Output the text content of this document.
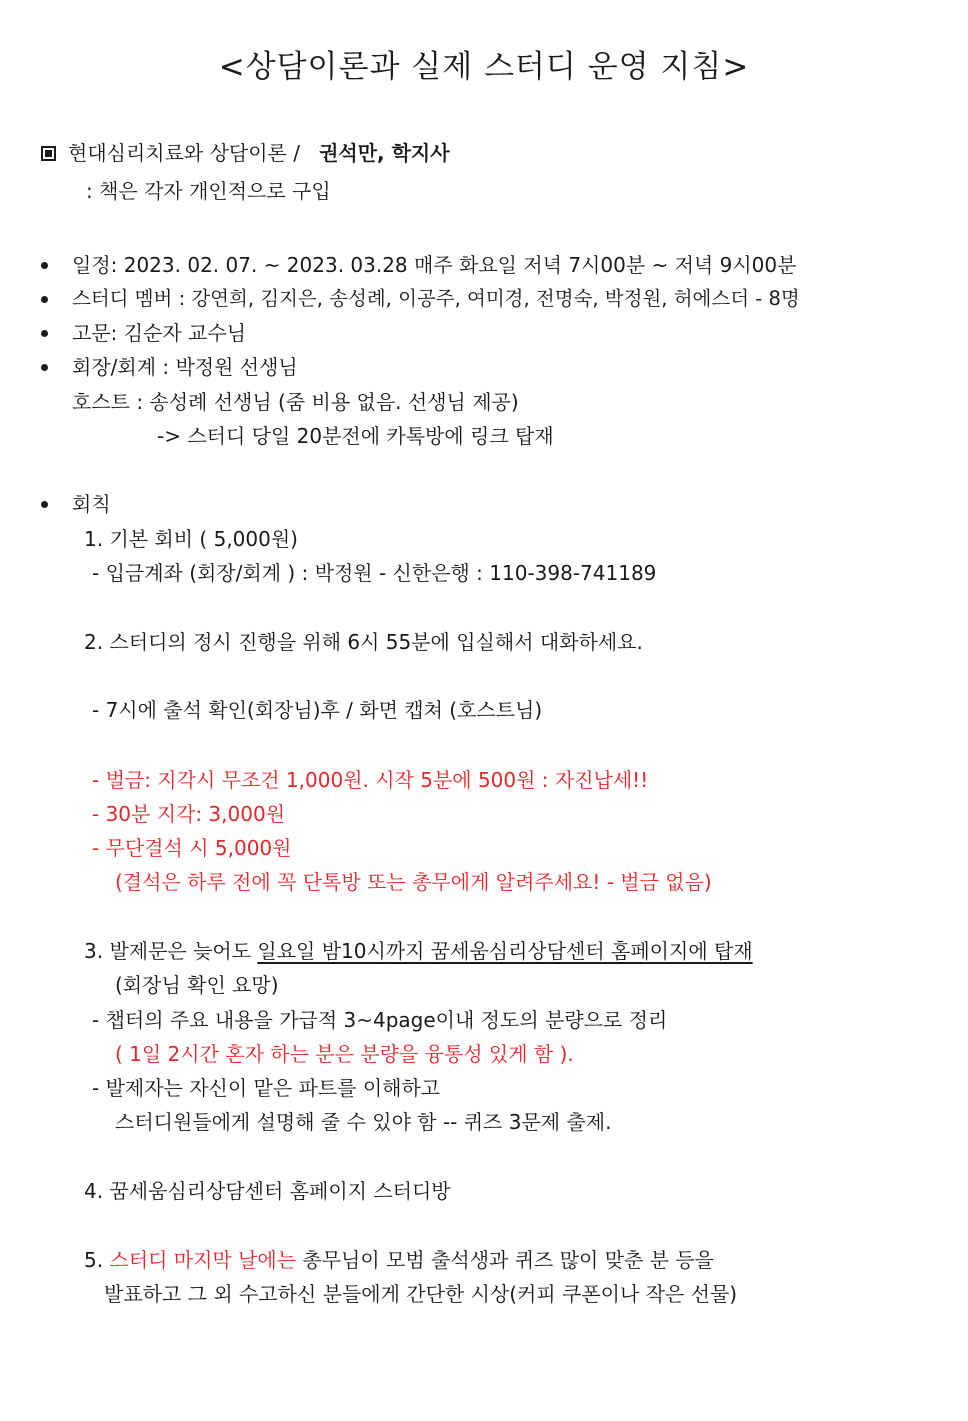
<상담이론과 실제 스터디 운영 지침>
현대심리치료와 상담이론 / 권석만, 학지사
: 책은 각자 개인적으로 구입
일정: 2023. 02. 07. ~ 2023. 03.28 매주 화요일 저녁 7시00분 ~ 저녁 9시00분
스터디 멤버 : 강연희, 김지은, 송성례, 이공주, 여미경, 전명숙, 박정원, 허에스더 - 8명
고문: 김순자 교수님
회장/회계 : 박정원 선생님
호스트 : 송성례 선생님 (줌 비용 없음. 선생님 제공)
-> 스터디 당일 20분전에 카톡방에 링크 탑재
회칙
1. 기본 회비 ( 5,000원)
- 입금계좌 (회장/회계 ) : 박정원 - 신한은행 : 110-398-741189
2. 스터디의 정시 진행을 위해 6시 55분에 입실해서 대화하세요.
- 7시에 출석 확인(회장님)후 / 화면 캡쳐 (호스트님)
- 벌금: 지각시 무조건 1,000원. 시작 5분에 500원 : 자진납세!!
- 30분 지각: 3,000원
- 무단결석 시 5,000원
(결석은 하루 전에 꼭 단톡방 또는 총무에게 알려주세요! - 벌금 없음)
3. 발제문은 늦어도 일요일 밤10시까지 꿈세움심리상담센터 홈페이지에 탑재
(회장님 확인 요망)
- 챕터의 주요 내용을 가급적 3~4page이내 정도의 분량으로 정리
( 1일 2시간 혼자 하는 분은 분량을 융통성 있게 함 ).
- 발제자는 자신이 맡은 파트를 이해하고
스터디원들에게 설명해 줄 수 있야 함 -- 퀴즈 3문제 출제.
4. 꿈세움심리상담센터 홈페이지 스터디방
5. 스터디 마지막 날에는 총무님이 모범 출석생과 퀴즈 많이 맞춘 분 등을
발표하고 그 외 수고하신 분들에게 간단한 시상(커피 쿠폰이나 작은 선물)
